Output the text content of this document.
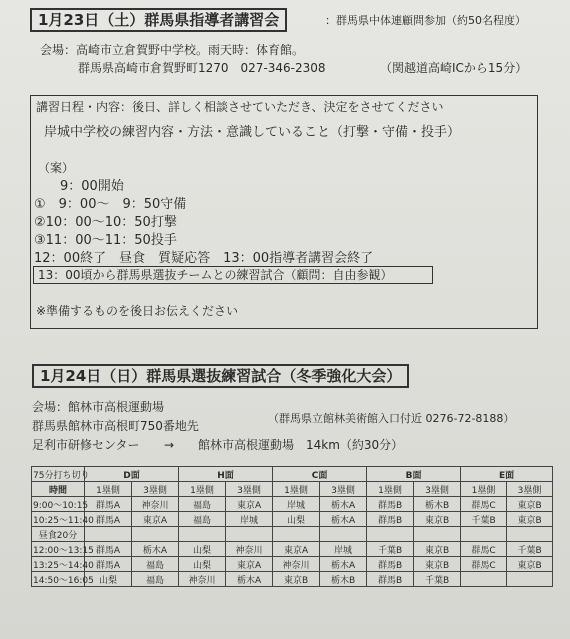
1月23日（土）群馬県指導者講習会	：群馬県中体連顧問参加（約50名程度）
会場：高崎市立倉賀野中学校。雨天時：体育館。
群馬県高崎市倉賀野町1270　027-346-2308	（関越道高崎ICから15分）
講習日程・内容：後日、詳しく相談させていただき、決定をさせてください
岸城中学校の練習内容・方法・意識していること（打撃・守備・投手）
（案）
9：00開始
①　9：00～　9：50守備
②10：00～10：50打撃
③11：00～11：50投手
12：00終了　昼食　質疑応答　13：00指導者講習会終了
13：00頃から群馬県選抜チームとの練習試合（顧問：自由参観）
※準備するものを後日お伝えください
1月24日（日）群馬県選抜練習試合（冬季強化大会）
会場：館林市高根運動場
（群馬県立館林美術館入口付近 0276-72-8188）
群馬県館林市高根町750番地先
足利市研修センター → 館林市高根運動場　14km（約30分）
75分打ち切り	D面		H面		C面		B面		E面	
時間	1塁側	3塁側	1塁側	3塁側	1塁側	3塁側	1塁側	3塁側	1塁側	3塁側
9:00～10:15	群馬A	神奈川	福島	東京A	岸城	栃木A	群馬B	栃木B	群馬C	東京B
10:25～11:40	群馬A	東京A	福島	岸城	山梨	栃木A	群馬B	東京B	千葉B	東京B
昼食20分										
12:00～13:15	群馬A	栃木A	山梨	神奈川	東京A	岸城	千葉B	東京B	群馬C	千葉B
13:25～14:40	群馬A	福島	山梨	東京A	神奈川	栃木A	群馬B	東京B	群馬C	東京B
14:50～16:05	山梨	福島	神奈川	栃木A	東京B	栃木B	群馬B	千葉B		
